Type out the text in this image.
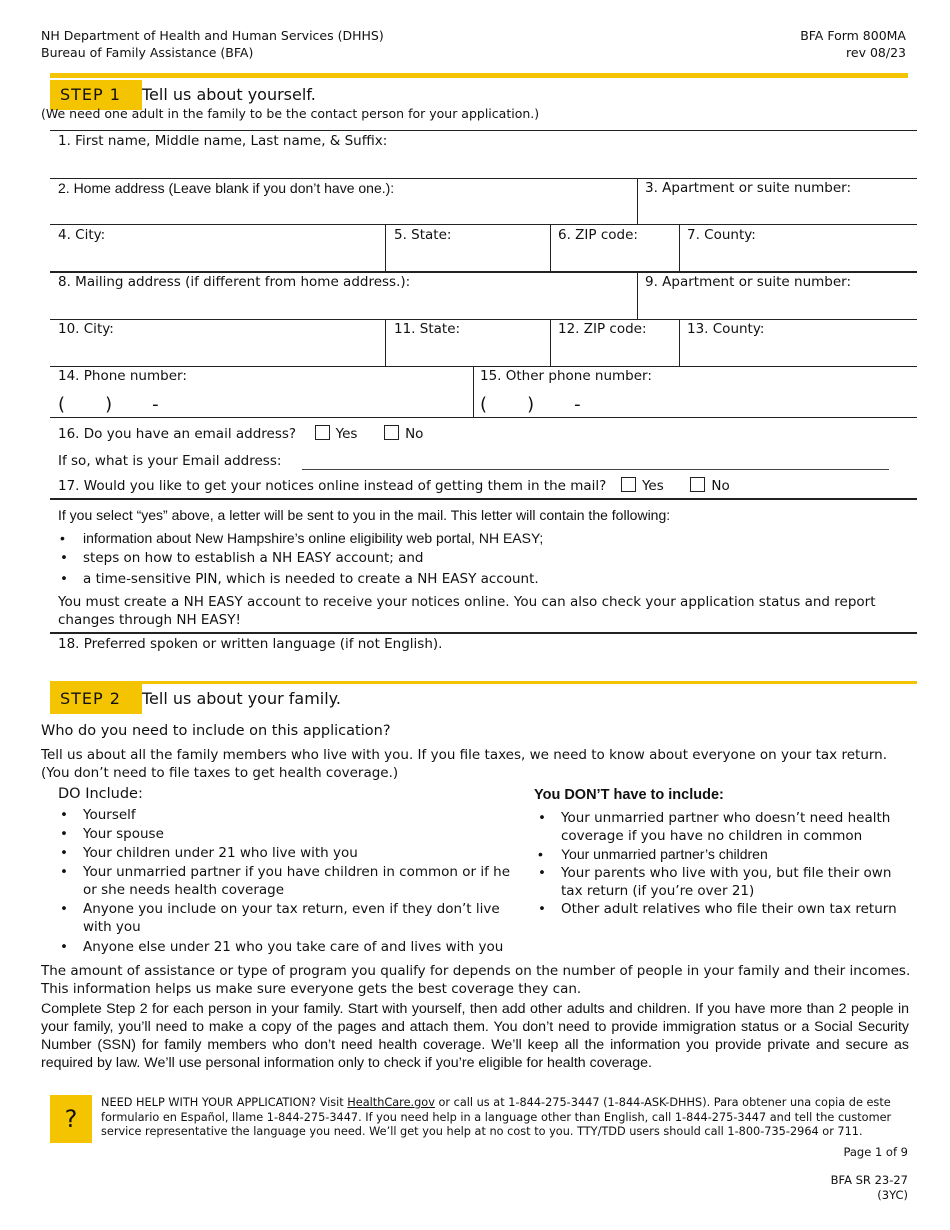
NH Department of Health and Human Services (DHHS)
Bureau of Family Assistance (BFA)
BFA Form 800MA
rev 08/23
STEP 1	Tell us about yourself.
(We need one adult in the family to be the contact person for your application.)
1. First name, Middle name, Last name, & Suffix:
2. Home address (Leave blank if you don’t have one.):	3. Apartment or suite number:
4. City:	5. State:	6. ZIP code:	7. County:
8. Mailing address (if different from home address.):	9. Apartment or suite number:
10. City:	11. State:	12. ZIP code:	13. County:
14. Phone number:
(       )       -
15. Other phone number:
(       )       -
16. Do you have an email address?	Yes	No
If so, what is your Email address:
17. Would you like to get your notices online instead of getting them in the mail?	Yes	No
If you select “yes” above, a letter will be sent to you in the mail. This letter will contain the following:
• information about New Hampshire’s online eligibility web portal, NH EASY;
• steps on how to establish a NH EASY account; and
• a time-sensitive PIN, which is needed to create a NH EASY account.
You must create a NH EASY account to receive your notices online. You can also check your application status and report changes through NH EASY!
18. Preferred spoken or written language (if not English).
STEP 2	Tell us about your family.
Who do you need to include on this application?
Tell us about all the family members who live with you. If you file taxes, we need to know about everyone on your tax return. (You don’t need to file taxes to get health coverage.)
DO Include:
• Yourself
• Your spouse
• Your children under 21 who live with you
• Your unmarried partner if you have children in common or if he or she needs health coverage
• Anyone you include on your tax return, even if they don’t live with you
• Anyone else under 21 who you take care of and lives with you
You DON’T have to include:
• Your unmarried partner who doesn’t need health coverage if you have no children in common
• Your unmarried partner’s children
• Your parents who live with you, but file their own tax return (if you’re over 21)
• Other adult relatives who file their own tax return
The amount of assistance or type of program you qualify for depends on the number of people in your family and their incomes. This information helps us make sure everyone gets the best coverage they can.
Complete Step 2 for each person in your family. Start with yourself, then add other adults and children. If you have more than 2 people in your family, you’ll need to make a copy of the pages and attach them. You don’t need to provide immigration status or a Social Security Number (SSN) for family members who don’t need health coverage. We’ll keep all the information you provide private and secure as required by law. We’ll use personal information only to check if you’re eligible for health coverage.
?
NEED HELP WITH YOUR APPLICATION? Visit HealthCare.gov or call us at 1-844-275-3447 (1-844-ASK-DHHS). Para obtener una copia de este formulario en Español, llame 1-844-275-3447. If you need help in a language other than English, call 1-844-275-3447 and tell the customer service representative the language you need. We’ll get you help at no cost to you. TTY/TDD users should call 1-800-735-2964 or 711.
Page 1 of 9
BFA SR 23-27
(3YC)
